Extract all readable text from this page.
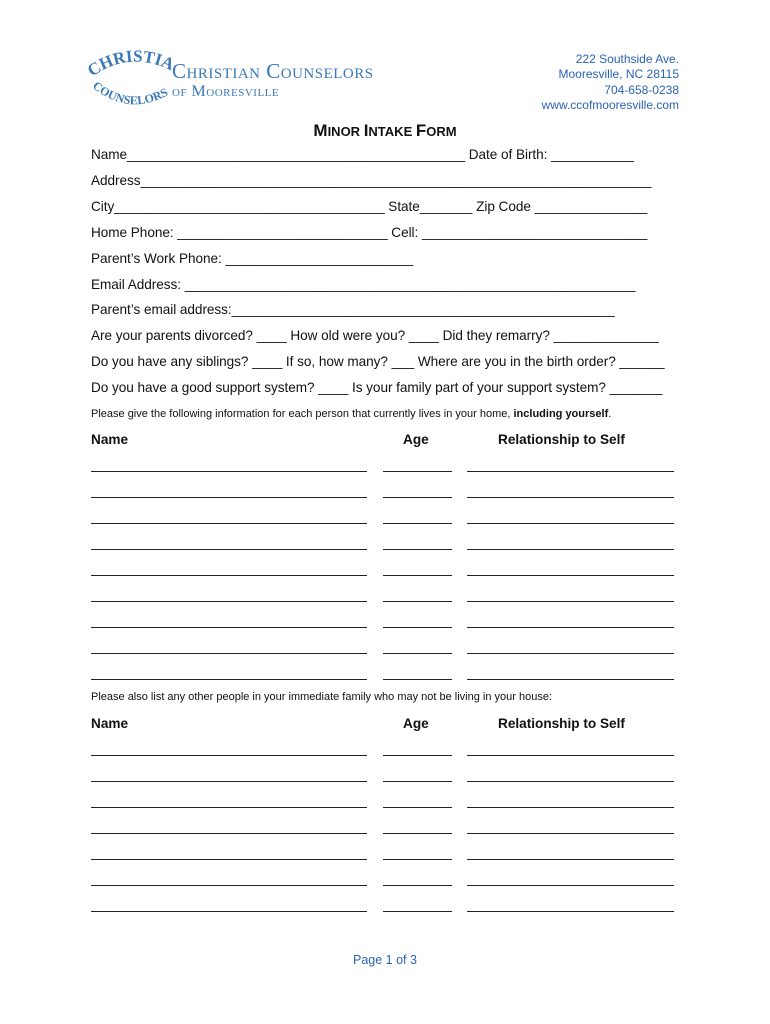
HRISTI
COUNSELORS
Christian Counselors
of Mooresville
222 Southside Ave.
Mooresville, NC 28115
704-658-0238
www.ccofmooresville.com
MINOR INTAKE FORM
Name_____________________________________________ Date of Birth: ___________
Address____________________________________________________________________
City____________________________________ State_______ Zip Code _______________
Home Phone: ____________________________ Cell: ______________________________
Parent’s Work Phone: _________________________
Email Address: ____________________________________________________________
Parent’s email address:___________________________________________________
Are your parents divorced? ____ How old were you? ____ Did they remarry? ______________
Do you have any siblings? ____ If so, how many? ___ Where are you in the birth order? ______
Do you have a good support system? ____ Is your family part of your support system? _______
Please give the following information for each person that currently lives in your home, including yourself.
Name	Age	Relationship to Self
Please also list any other people in your immediate family who may not be living in your house:
Name	Age	Relationship to Self
Page 1 of 3
